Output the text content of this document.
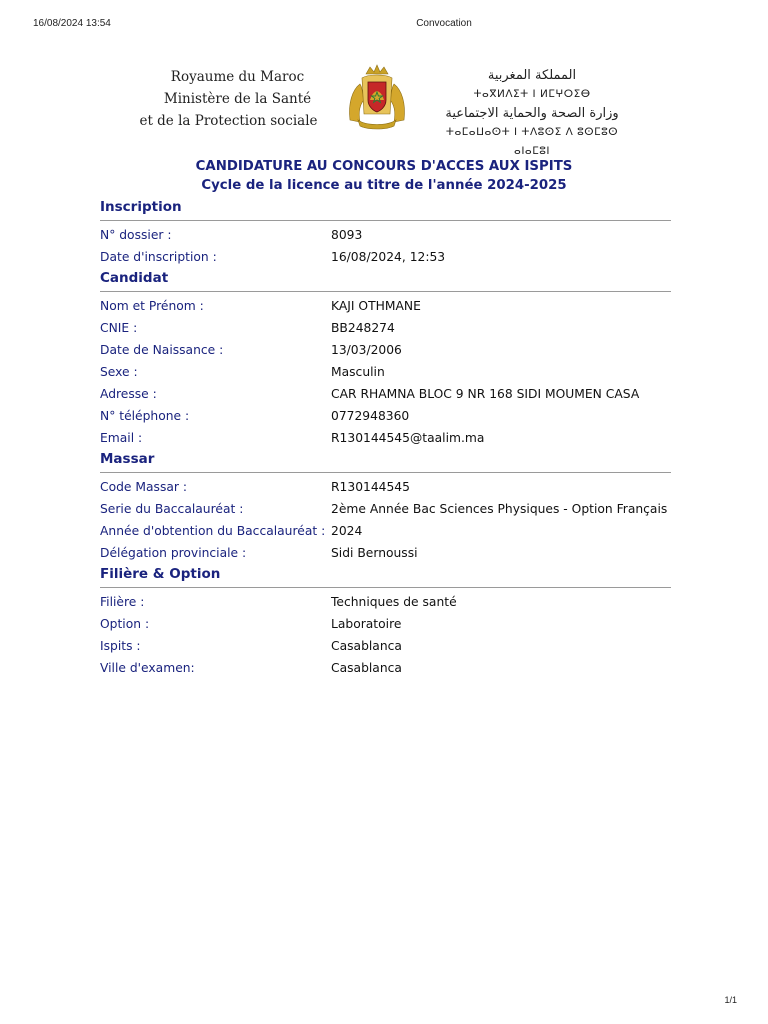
16/08/2024 13:54	Convocation
Royaume du Maroc
Ministère de la Santé
et de la Protection sociale
المملكة المغربية
ⵜⴰⴳⵍⴷⵉⵜ ⵏ ⵍⵎⵖⵔⵉⴱ
وزارة الصحة والحماية الاجتماعية
ⵜⴰⵎⴰⵡⴰⵙⵜ ⵏ ⵜⴷⵓⵙⵉ ⴷ ⵓⵙⵎⵓⵙ ⴰⵏⴰⵎⵓⵏ
CANDIDATURE AU CONCOURS D'ACCES AUX ISPITS
Cycle de la licence au titre de l'année 2024-2025
Inscription
N° dossier :	8093
Date d'inscription :	16/08/2024, 12:53
Candidat
Nom et Prénom :	KAJI OTHMANE
CNIE :	BB248274
Date de Naissance :	13/03/2006
Sexe :	Masculin
Adresse :	CAR RHAMNA BLOC 9 NR 168 SIDI MOUMEN CASA
N° téléphone :	0772948360
Email :	R130144545@taalim.ma
Massar
Code Massar :	R130144545
Serie du Baccalauréat :	2ème Année Bac Sciences Physiques - Option Français
Année d'obtention du Baccalauréat : 2024
Délégation provinciale :	Sidi Bernoussi
Filière & Option
Filière :	Techniques de santé
Option :	Laboratoire
Ispits :	Casablanca
Ville d'examen:	Casablanca
1/1
